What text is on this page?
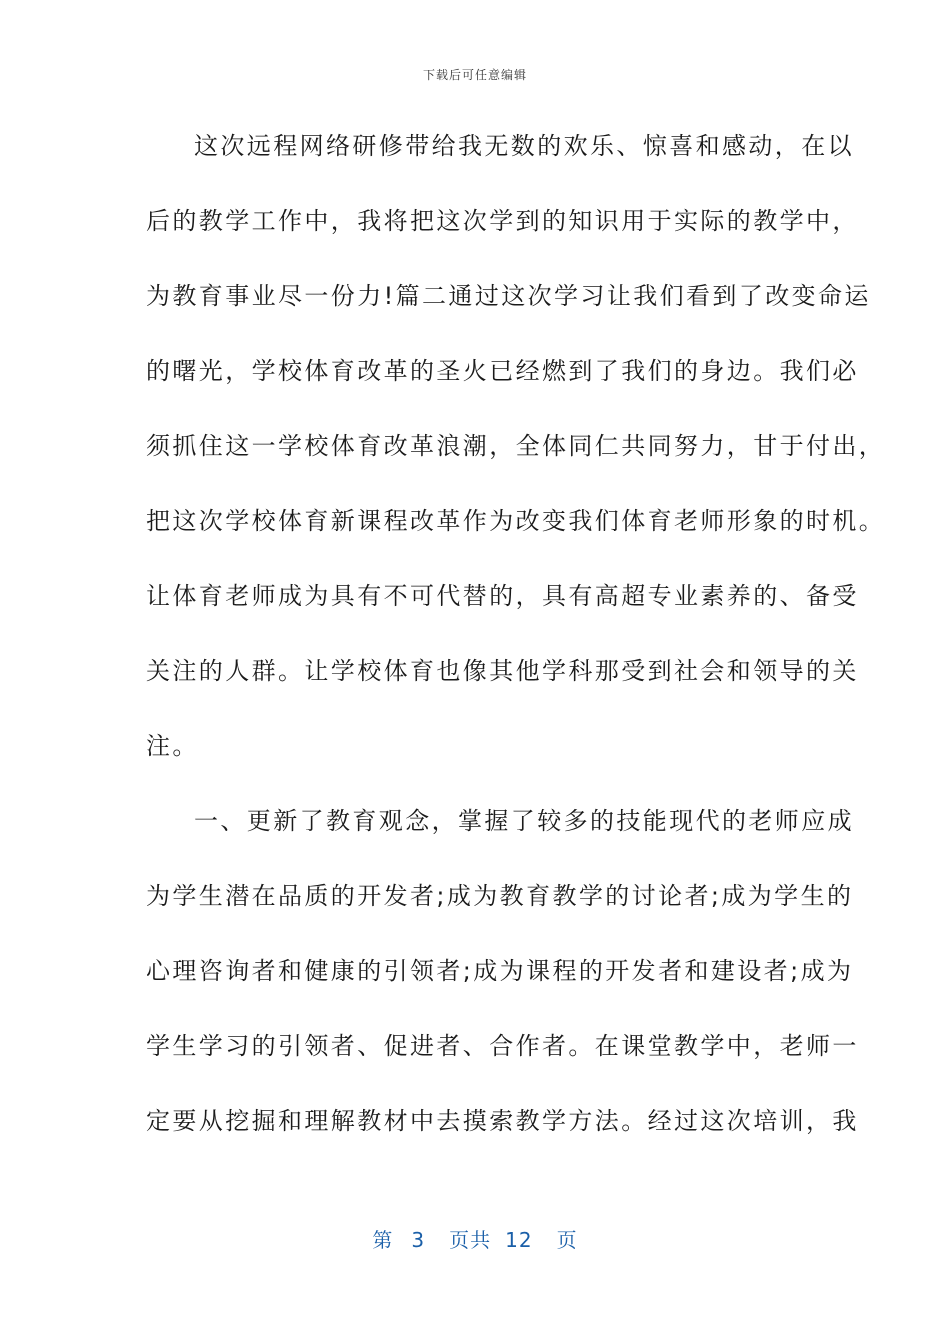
下载后可任意编辑
这次远程网络研修带给我无数的欢乐、惊喜和感动，在以
后的教学工作中，我将把这次学到的知识用于实际的教学中，
为教育事业尽一份力!篇二通过这次学习让我们看到了改变命运
的曙光，学校体育改革的圣火已经燃到了我们的身边。我们必
须抓住这一学校体育改革浪潮，全体同仁共同努力，甘于付出，
把这次学校体育新课程改革作为改变我们体育老师形象的时机。
让体育老师成为具有不可代替的，具有高超专业素养的、备受
关注的人群。让学校体育也像其他学科那受到社会和领导的关
注。
一、更新了教育观念，掌握了较多的技能现代的老师应成
为学生潜在品质的开发者;成为教育教学的讨论者;成为学生的
心理咨询者和健康的引领者;成为课程的开发者和建设者;成为
学生学习的引领者、促进者、合作者。在课堂教学中，老师一
定要从挖掘和理解教材中去摸索教学方法。经过这次培训，我
第 3 页共 12 页
